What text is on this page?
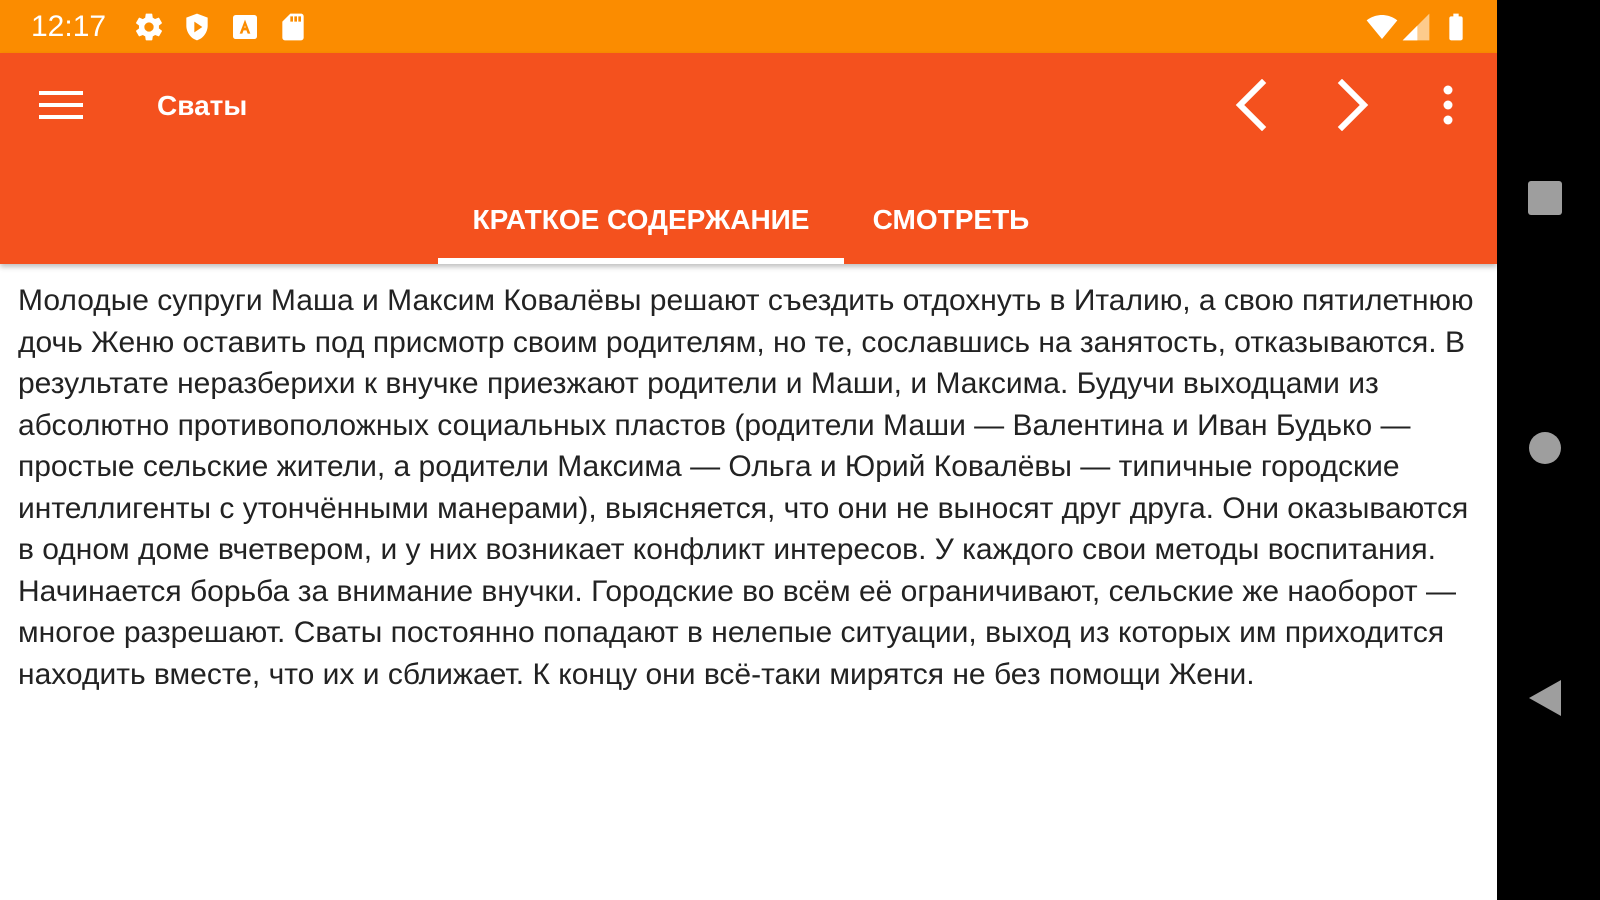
12:17
Сваты
КРАТКОЕ СОДЕРЖАНИЕ СМОТРЕТЬ
Молодые супруги Маша и Максим Ковалёвы решают съездить отдохнуть в Италию, а свою пятилетнюю дочь Женю оставить под присмотр своим родителям, но те, сославшись на занятость, отказываются. В результате неразберихи к внучке приезжают родители и Маши, и Максима. Будучи выходцами из абсолютно противоположных социальных пластов (родители Маши — Валентина и Иван Будько — простые сельские жители, а родители Максима — Ольга и Юрий Ковалёвы — типичные городские интеллигенты с утончёнными манерами), выясняется, что они не выносят друг друга. Они оказываются в одном доме вчетвером, и у них возникает конфликт интересов. У каждого свои методы воспитания. Начинается борьба за внимание внучки. Городские во всём её ограничивают, сельские же наоборот — многое разрешают. Сваты постоянно попадают в нелепые ситуации, выход из которых им приходится находить вместе, что их и сближает. К концу они всё-таки мирятся не без помощи Жени.
